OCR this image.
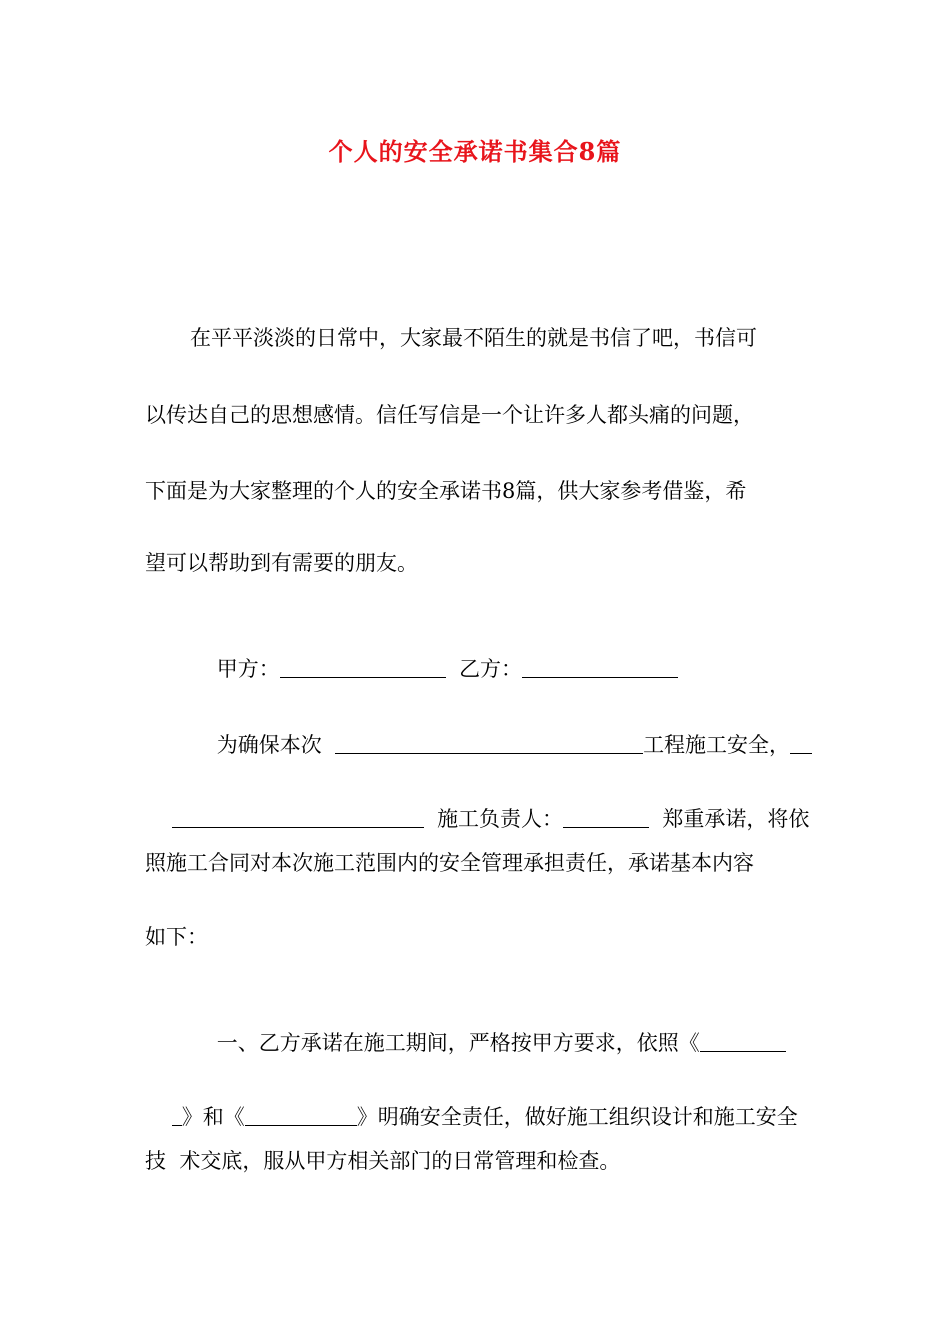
个人的安全承诺书集合8篇
在平平淡淡的日常中，大家最不陌生的就是书信了吧，书信可
以传达自己的思想感情。信任写信是一个让许多人都头痛的问题，
下面是为大家整理的个人的安全承诺书8篇，供大家参考借鉴，希
望可以帮助到有需要的朋友。

甲方：	乙方：

为确保本次	工程施工安全，

施工负责人：	郑重承诺，将依

照施工合同对本次施工范围内的安全管理承担责任，承诺基本内容
如下：

一、乙方承诺在施工期间，严格按甲方要求，依照《

》和《	》明确安全责任，做好施工组织设计和施工安全

技  术交底，服从甲方相关部门的日常管理和检查。
